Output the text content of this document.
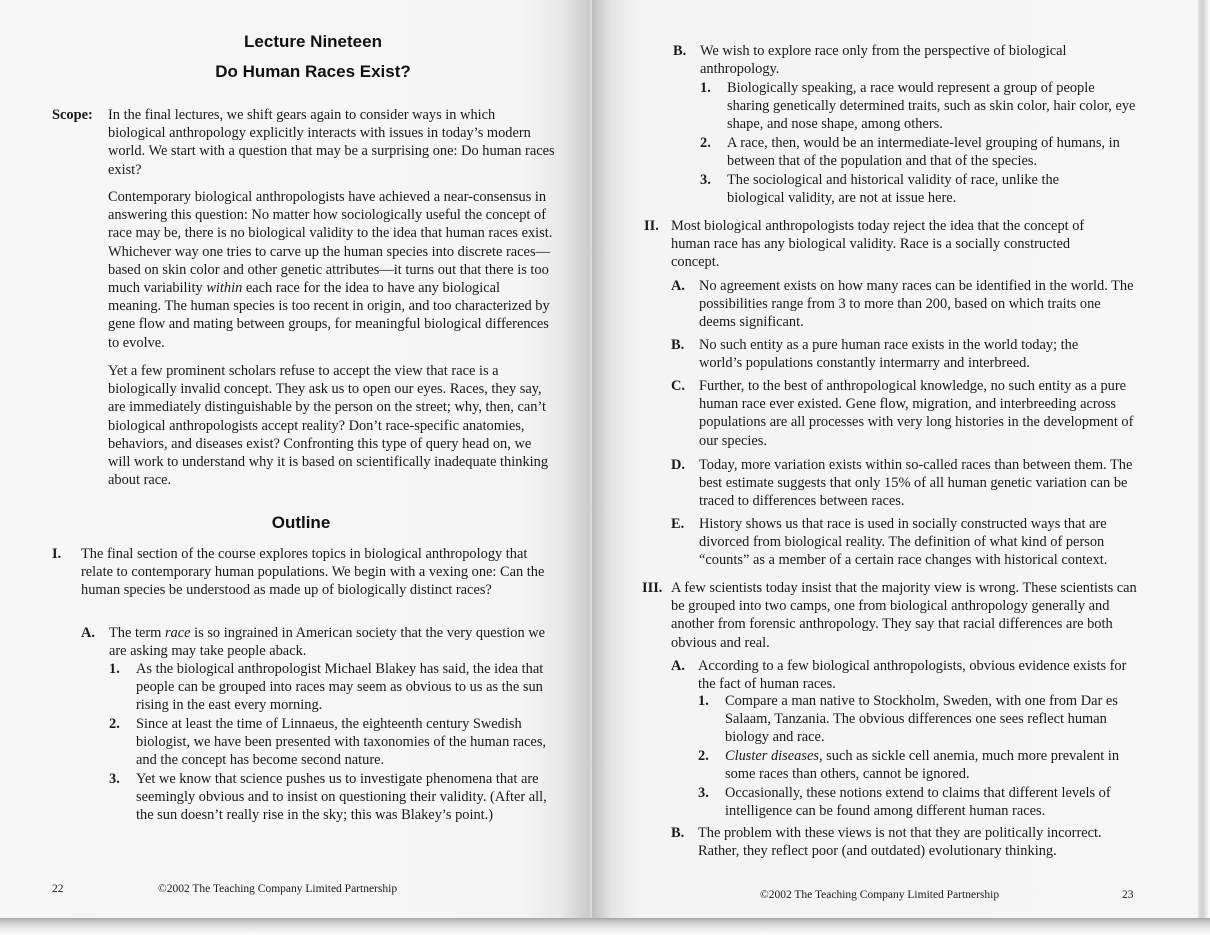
Lecture Nineteen
Do Human Races Exist?
Scope: In the final lectures, we shift gears again to consider ways in which biological anthropology explicitly interacts with issues in today’s modern world. We start with a question that may be a surprising one: Do human races exist?

Contemporary biological anthropologists have achieved a near-consensus in answering this question: No matter how sociologically useful the concept of race may be, there is no biological validity to the idea that human races exist. Whichever way one tries to carve up the human species into discrete races—based on skin color and other genetic attributes—it turns out that there is too much variability within each race for the idea to have any biological meaning. The human species is too recent in origin, and too characterized by gene flow and mating between groups, for meaningful biological differences to evolve.

Yet a few prominent scholars refuse to accept the view that race is a biologically invalid concept. They ask us to open our eyes. Races, they say, are immediately distinguishable by the person on the street; why, then, can’t biological anthropologists accept reality? Don’t race-specific anatomies, behaviors, and diseases exist? Confronting this type of query head on, we will work to understand why it is based on scientifically inadequate thinking about race.

Outline
I. The final section of the course explores topics in biological anthropology that relate to contemporary human populations. We begin with a vexing one: Can the human species be understood as made up of biologically distinct races?

A. The term race is so ingrained in American society that the very question we are asking may take people aback.

1. As the biological anthropologist Michael Blakey has said, the idea that people can be grouped into races may seem as obvious to us as the sun rising in the east every morning.

2. Since at least the time of Linnaeus, the eighteenth century Swedish biologist, we have been presented with taxonomies of the human races, and the concept has become second nature.

3. Yet we know that science pushes us to investigate phenomena that are seemingly obvious and to insist on questioning their validity. (After all, the sun doesn’t really rise in the sky; this was Blakey’s point.)

22	©2002 The Teaching Company Limited Partnership
B. We wish to explore race only from the perspective of biological anthropology.

1. Biologically speaking, a race would represent a group of people sharing genetically determined traits, such as skin color, hair color, eye shape, and nose shape, among others.

2. A race, then, would be an intermediate-level grouping of humans, in between that of the population and that of the species.

3. The sociological and historical validity of race, unlike the biological validity, are not at issue here.

II. Most biological anthropologists today reject the idea that the concept of human race has any biological validity. Race is a socially constructed concept.

A. No agreement exists on how many races can be identified in the world. The possibilities range from 3 to more than 200, based on which traits one deems significant.

B. No such entity as a pure human race exists in the world today; the world’s populations constantly intermarry and interbreed.

C. Further, to the best of anthropological knowledge, no such entity as a pure human race ever existed. Gene flow, migration, and interbreeding across populations are all processes with very long histories in the development of our species.

D. Today, more variation exists within so-called races than between them. The best estimate suggests that only 15% of all human genetic variation can be traced to differences between races.

E. History shows us that race is used in socially constructed ways that are divorced from biological reality. The definition of what kind of person “counts” as a member of a certain race changes with historical context.

III. A few scientists today insist that the majority view is wrong. These scientists can be grouped into two camps, one from biological anthropology generally and another from forensic anthropology. They say that racial differences are both obvious and real.

A. According to a few biological anthropologists, obvious evidence exists for the fact of human races.

1. Compare a man native to Stockholm, Sweden, with one from Dar es Salaam, Tanzania. The obvious differences one sees reflect human biology and race.

2. Cluster diseases, such as sickle cell anemia, much more prevalent in some races than others, cannot be ignored.

3. Occasionally, these notions extend to claims that different levels of intelligence can be found among different human races.

B. The problem with these views is not that they are politically incorrect. Rather, they reflect poor (and outdated) evolutionary thinking.

©2002 The Teaching Company Limited Partnership	23
